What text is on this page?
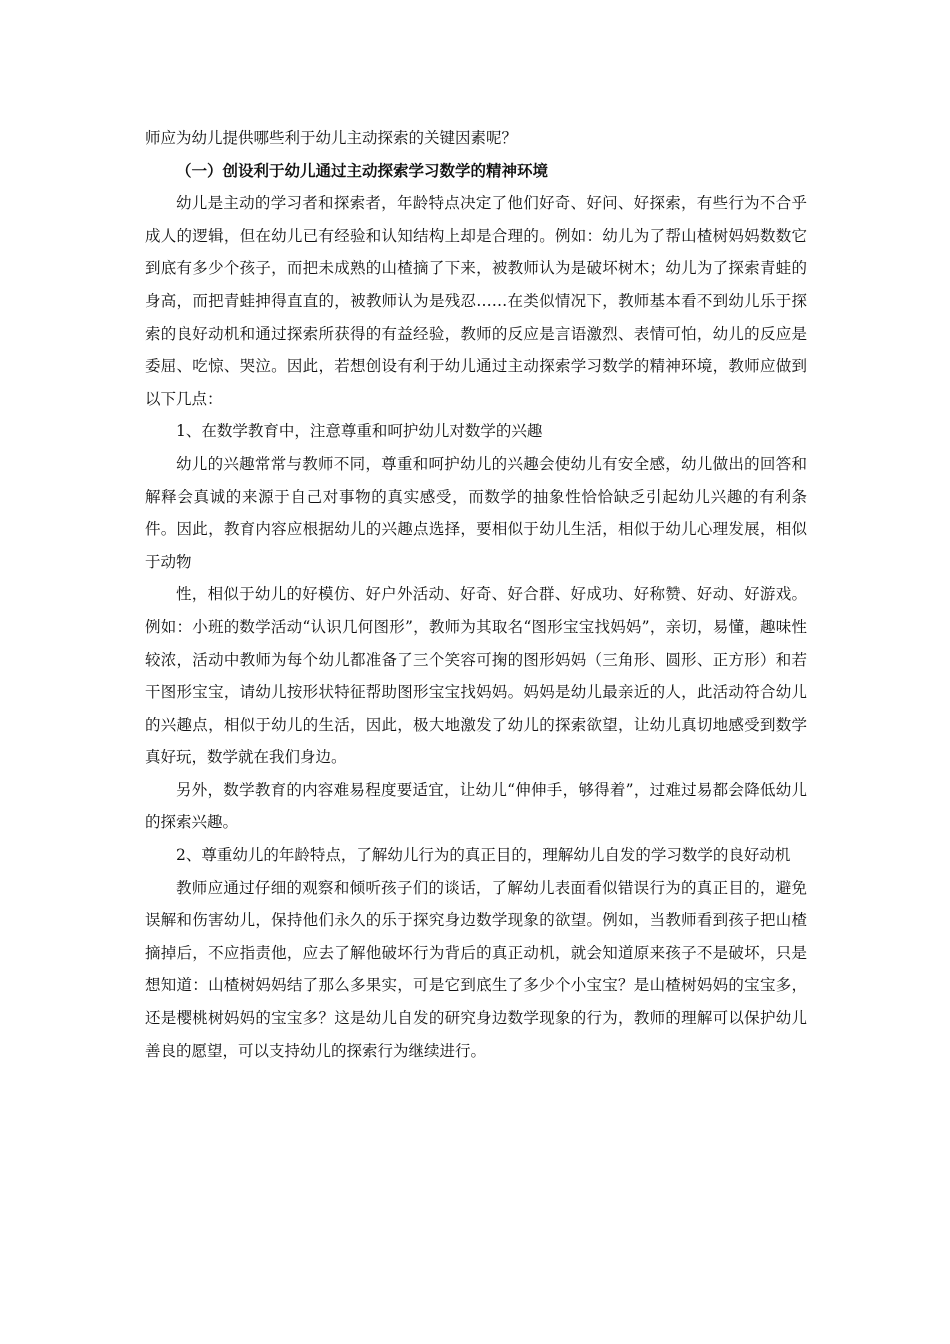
师应为幼儿提供哪些利于幼儿主动探索的关键因素呢？

（一）创设利于幼儿通过主动探索学习数学的精神环境

幼儿是主动的学习者和探索者，年龄特点决定了他们好奇、好问、好探索，有些行为不合乎成人的逻辑，但在幼儿已有经验和认知结构上却是合理的。例如：幼儿为了帮山楂树妈妈数数它到底有多少个孩子，而把未成熟的山楂摘了下来，被教师认为是破坏树木；幼儿为了探索青蛙的身高，而把青蛙抻得直直的，被教师认为是残忍……在类似情况下，教师基本看不到幼儿乐于探索的良好动机和通过探索所获得的有益经验，教师的反应是言语激烈、表情可怕，幼儿的反应是委屈、吃惊、哭泣。因此，若想创设有利于幼儿通过主动探索学习数学的精神环境，教师应做到以下几点：

1、在数学教育中，注意尊重和呵护幼儿对数学的兴趣

幼儿的兴趣常常与教师不同，尊重和呵护幼儿的兴趣会使幼儿有安全感，幼儿做出的回答和解释会真诚的来源于自己对事物的真实感受，而数学的抽象性恰恰缺乏引起幼儿兴趣的有利条件。因此，教育内容应根据幼儿的兴趣点选择，要相似于幼儿生活，相似于幼儿心理发展，相似于动物

性，相似于幼儿的好模仿、好户外活动、好奇、好合群、好成功、好称赞、好动、好游戏。例如：小班的数学活动“认识几何图形”，教师为其取名“图形宝宝找妈妈”，亲切，易懂，趣味性较浓，活动中教师为每个幼儿都准备了三个笑容可掬的图形妈妈（三角形、圆形、正方形）和若干图形宝宝，请幼儿按形状特征帮助图形宝宝找妈妈。妈妈是幼儿最亲近的人，此活动符合幼儿的兴趣点，相似于幼儿的生活，因此，极大地激发了幼儿的探索欲望，让幼儿真切地感受到数学真好玩，数学就在我们身边。

另外，数学教育的内容难易程度要适宜，让幼儿“伸伸手，够得着”，过难过易都会降低幼儿的探索兴趣。

2、尊重幼儿的年龄特点，了解幼儿行为的真正目的，理解幼儿自发的学习数学的良好动机

教师应通过仔细的观察和倾听孩子们的谈话，了解幼儿表面看似错误行为的真正目的，避免误解和伤害幼儿，保持他们永久的乐于探究身边数学现象的欲望。例如，当教师看到孩子把山楂摘掉后，不应指责他，应去了解他破坏行为背后的真正动机，就会知道原来孩子不是破坏，只是想知道：山楂树妈妈结了那么多果实，可是它到底生了多少个小宝宝？是山楂树妈妈的宝宝多，还是樱桃树妈妈的宝宝多？这是幼儿自发的研究身边数学现象的行为，教师的理解可以保护幼儿善良的愿望，可以支持幼儿的探索行为继续进行。
